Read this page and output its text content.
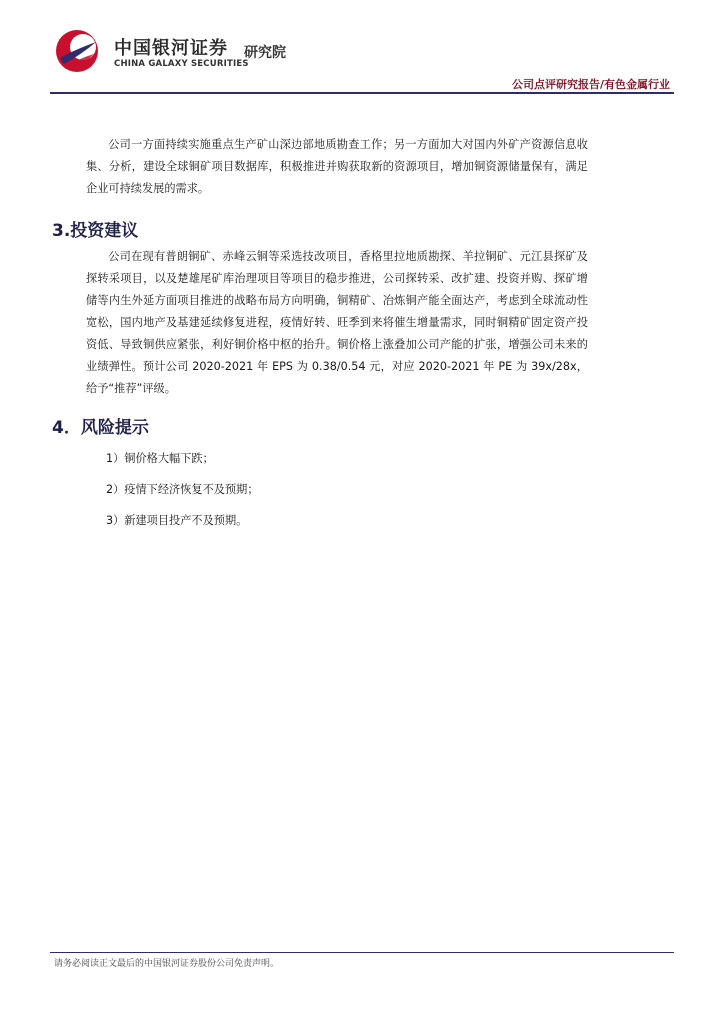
中国银河证券 研究院
CHINA GALAXY SECURITIES
公司点评研究报告/有色金属行业

公司一方面持续实施重点生产矿山深边部地质勘查工作；另一方面加大对国内外矿产资源信息收集、分析，建设全球铜矿项目数据库，积极推进并购获取新的资源项目，增加铜资源储量保有，满足企业可持续发展的需求。

3.投资建议

公司在现有普朗铜矿、赤峰云铜等采选技改项目，香格里拉地质勘探、羊拉铜矿、元江县探矿及探转采项目，以及楚雄尾矿库治理项目等项目的稳步推进，公司探转采、改扩建、投资并购、探矿增储等内生外延方面项目推进的战略布局方向明确，铜精矿、冶炼铜产能全面达产，考虑到全球流动性宽松，国内地产及基建延续修复进程，疫情好转、旺季到来将催生增量需求，同时铜精矿固定资产投资低、导致铜供应紧张，利好铜价格中枢的抬升。铜价格上涨叠加公司产能的扩张，增强公司未来的业绩弹性。预计公司 2020-2021 年 EPS 为 0.38/0.54 元，对应 2020-2021 年 PE 为 39x/28x，给予“推荐”评级。

4．风险提示

1）铜价格大幅下跌；

2）疫情下经济恢复不及预期；

3）新建项目投产不及预期。

请务必阅读正文最后的中国银河证券股份公司免责声明。
